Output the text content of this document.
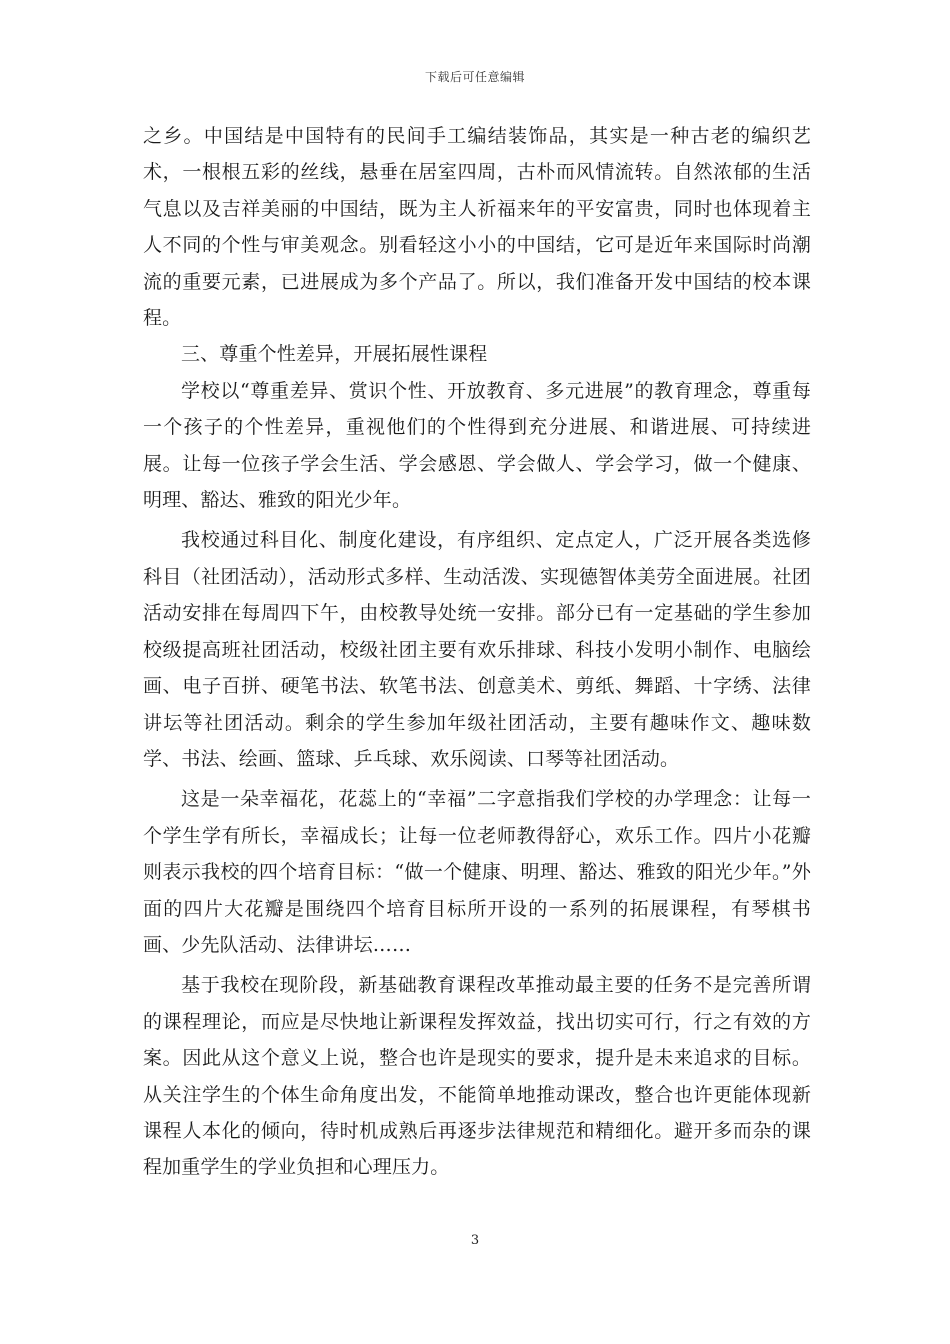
下载后可任意编辑

之乡。中国结是中国特有的民间手工编结装饰品，其实是一种古老的编织艺术，一根根五彩的丝线，悬垂在居室四周，古朴而风情流转。自然浓郁的生活气息以及吉祥美丽的中国结，既为主人祈福来年的平安富贵，同时也体现着主人不同的个性与审美观念。别看轻这小小的中国结，它可是近年来国际时尚潮流的重要元素，已进展成为多个产品了。所以，我们准备开发中国结的校本课程。

三、尊重个性差异，开展拓展性课程

学校以“尊重差异、赏识个性、开放教育、多元进展”的教育理念，尊重每一个孩子的个性差异，重视他们的个性得到充分进展、和谐进展、可持续进展。让每一位孩子学会生活、学会感恩、学会做人、学会学习，做一个健康、明理、豁达、雅致的阳光少年。

我校通过科目化、制度化建设，有序组织、定点定人，广泛开展各类选修科目（社团活动），活动形式多样、生动活泼、实现德智体美劳全面进展。社团活动安排在每周四下午，由校教导处统一安排。部分已有一定基础的学生参加校级提高班社团活动，校级社团主要有欢乐排球、科技小发明小制作、电脑绘画、电子百拼、硬笔书法、软笔书法、创意美术、剪纸、舞蹈、十字绣、法律讲坛等社团活动。剩余的学生参加年级社团活动，主要有趣味作文、趣味数学、书法、绘画、篮球、乒乓球、欢乐阅读、口琴等社团活动。

这是一朵幸福花，花蕊上的“幸福”二字意指我们学校的办学理念：让每一个学生学有所长，幸福成长；让每一位老师教得舒心，欢乐工作。四片小花瓣则表示我校的四个培育目标：“做一个健康、明理、豁达、雅致的阳光少年。”外面的四片大花瓣是围绕四个培育目标所开设的一系列的拓展课程，有琴棋书画、少先队活动、法律讲坛……

基于我校在现阶段，新基础教育课程改革推动最主要的任务不是完善所谓的课程理论，而应是尽快地让新课程发挥效益，找出切实可行，行之有效的方案。因此从这个意义上说，整合也许是现实的要求，提升是未来追求的目标。从关注学生的个体生命角度出发，不能简单地推动课改，整合也许更能体现新课程人本化的倾向，待时机成熟后再逐步法律规范和精细化。避开多而杂的课程加重学生的学业负担和心理压力。

3
